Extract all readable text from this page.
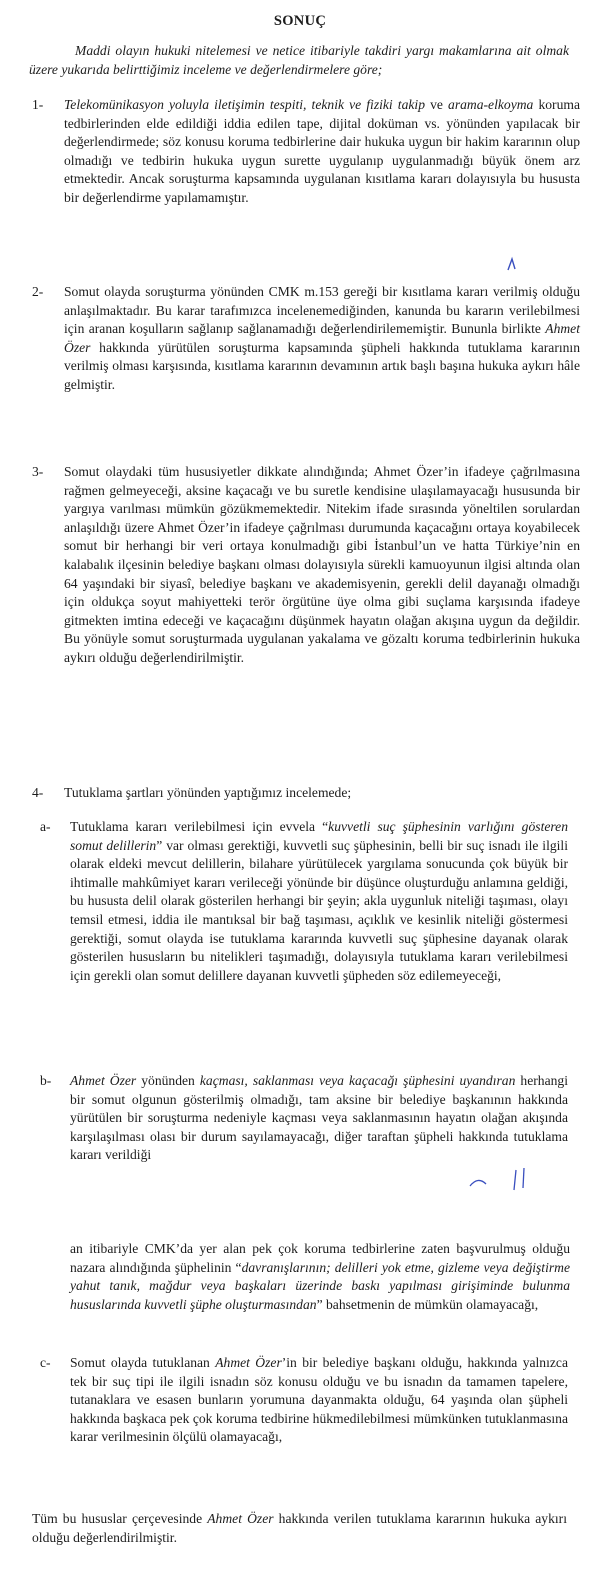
SONUÇ
Maddi olayın hukuki nitelemesi ve netice itibariyle takdiri yargı makamlarına ait olmak üzere yukarıda belirttiğimiz inceleme ve değerlendirmelere göre;
1-	Telekomünikasyon yoluyla iletişimin tespiti, teknik ve fiziki takip ve arama-elkoyma koruma tedbirlerinden elde edildiği iddia edilen tape, dijital doküman vs. yönünden yapılacak bir değerlendirmede; söz konusu koruma tedbirlerine dair hukuka uygun bir hakim kararının olup olmadığı ve tedbirin hukuka uygun surette uygulanıp uygulanmadığı büyük önem arz etmektedir. Ancak soruşturma kapsamında uygulanan kısıtlama kararı dolayısıyla bu hususta bir değerlendirme yapılamamıştır.
2-	Somut olayda soruşturma yönünden CMK m.153 gereği bir kısıtlama kararı verilmiş olduğu anlaşılmaktadır. Bu karar tarafımızca incelenemediğinden, kanunda bu kararın verilebilmesi için aranan koşulların sağlanıp sağlanamadığı değerlendirilememiştir. Bununla birlikte Ahmet Özer hakkında yürütülen soruşturma kapsamında şüpheli hakkında tutuklama kararının verilmiş olması karşısında, kısıtlama kararının devamının artık başlı başına hukuka aykırı hâle gelmiştir.
3-	Somut olaydaki tüm hususiyetler dikkate alındığında; Ahmet Özer’in ifadeye çağrılmasına rağmen gelmeyeceği, aksine kaçacağı ve bu suretle kendisine ulaşılamayacağı hususunda bir yargıya varılması mümkün gözükmemektedir. Nitekim ifade sırasında yöneltilen sorulardan anlaşıldığı üzere Ahmet Özer’in ifadeye çağrılması durumunda kaçacağını ortaya koyabilecek somut bir herhangi bir veri ortaya konulmadığı gibi İstanbul’un ve hatta Türkiye’nin en kalabalık ilçesinin belediye başkanı olması dolayısıyla sürekli kamuoyunun ilgisi altında olan 64 yaşındaki bir siyasî, belediye başkanı ve akademisyenin, gerekli delil dayanağı olmadığı için oldukça soyut mahiyetteki terör örgütüne üye olma gibi suçlama karşısında ifadeye gitmekten imtina edeceği ve kaçacağını düşünmek hayatın olağan akışına uygun da değildir. Bu yönüyle somut soruşturmada uygulanan yakalama ve gözaltı koruma tedbirlerinin hukuka aykırı olduğu değerlendirilmiştir.
4-	Tutuklama şartları yönünden yaptığımız incelemede;
a-	Tutuklama kararı verilebilmesi için evvela “kuvvetli suç şüphesinin varlığını gösteren somut delillerin” var olması gerektiği, kuvvetli suç şüphesinin, belli bir suç isnadı ile ilgili olarak eldeki mevcut delillerin, bilahare yürütülecek yargılama sonucunda çok büyük bir ihtimalle mahkûmiyet kararı verileceği yönünde bir düşünce oluşturduğu anlamına geldiği, bu hususta delil olarak gösterilen herhangi bir şeyin; akla uygunluk niteliği taşıması, olayı temsil etmesi, iddia ile mantıksal bir bağ taşıması, açıklık ve kesinlik niteliği göstermesi gerektiği, somut olayda ise tutuklama kararında kuvvetli suç şüphesine dayanak olarak gösterilen hususların bu nitelikleri taşımadığı, dolayısıyla tutuklama kararı verilebilmesi için gerekli olan somut delillere dayanan kuvvetli şüpheden söz edilemeyeceği,
b-	Ahmet Özer yönünden kaçması, saklanması veya kaçacağı şüphesini uyandıran herhangi bir somut olgunun gösterilmiş olmadığı, tam aksine bir belediye başkanının hakkında yürütülen bir soruşturma nedeniyle kaçması veya saklanmasının hayatın olağan akışında karşılaşılması olası bir durum sayılamayacağı, diğer taraftan şüpheli hakkında tutuklama kararı verildiği
an itibariyle CMK’da yer alan pek çok koruma tedbirlerine zaten başvurulmuş olduğu nazara alındığında şüphelinin “davranışlarının; delilleri yok etme, gizleme veya değiştirme yahut tanık, mağdur veya başkaları üzerinde baskı yapılması girişiminde bulunma hususlarında kuvvetli şüphe oluşturmasından” bahsetmenin de mümkün olamayacağı,
c-	Somut olayda tutuklanan Ahmet Özer’in bir belediye başkanı olduğu, hakkında yalnızca tek bir suç tipi ile ilgili isnadın söz konusu olduğu ve bu isnadın da tamamen tapelere, tutanaklara ve esasen bunların yorumuna dayanmakta olduğu, 64 yaşında olan şüpheli hakkında başkaca pek çok koruma tedbirine hükmedilebilmesi mümkünken tutuklanmasına karar verilmesinin ölçülü olamayacağı,
Tüm bu hususlar çerçevesinde Ahmet Özer hakkında verilen tutuklama kararının hukuka aykırı olduğu değerlendirilmiştir.
